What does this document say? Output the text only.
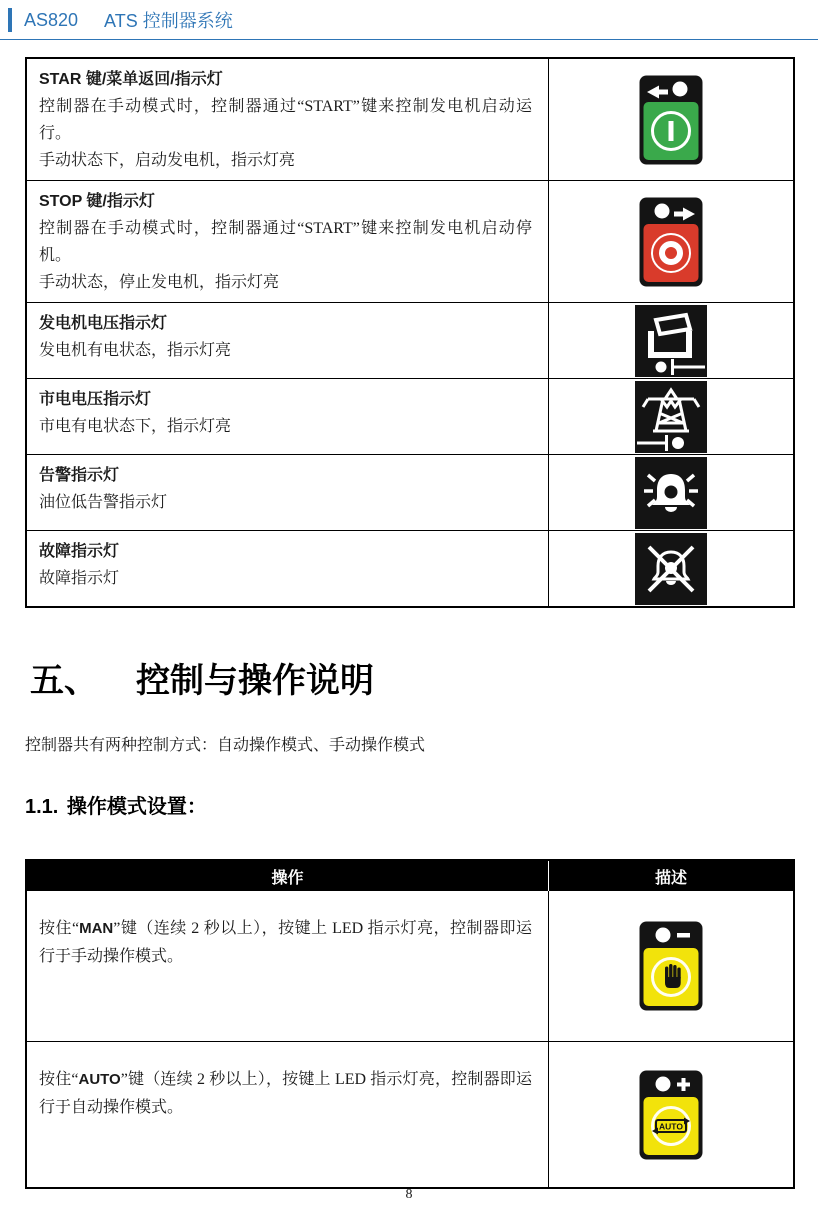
AS820 ATS 控制器系统
STAR 键/菜单返回/指示灯
控制器在手动模式时，控制器通过“START”键来控制发电机启动运行。
手动状态下，启动发电机，指示灯亮
STOP 键/指示灯
控制器在手动模式时，控制器通过“START”键来控制发电机启动停机。
手动状态，停止发电机，指示灯亮
发电机电压指示灯
发电机有电状态，指示灯亮
市电电压指示灯
市电有电状态下，指示灯亮
告警指示灯
油位低告警指示灯
故障指示灯
故障指示灯
五、 控制与操作说明
控制器共有两种控制方式：自动操作模式、手动操作模式
1.1. 操作模式设置：
操作	描述
按住“MAN”键（连续 2 秒以上），按键上 LED 指示灯亮，控制器即运行于手动操作模式。
按住“AUTO”键（连续 2 秒以上），按键上 LED 指示灯亮，控制器即运行于自动操作模式。
AUTO
8
